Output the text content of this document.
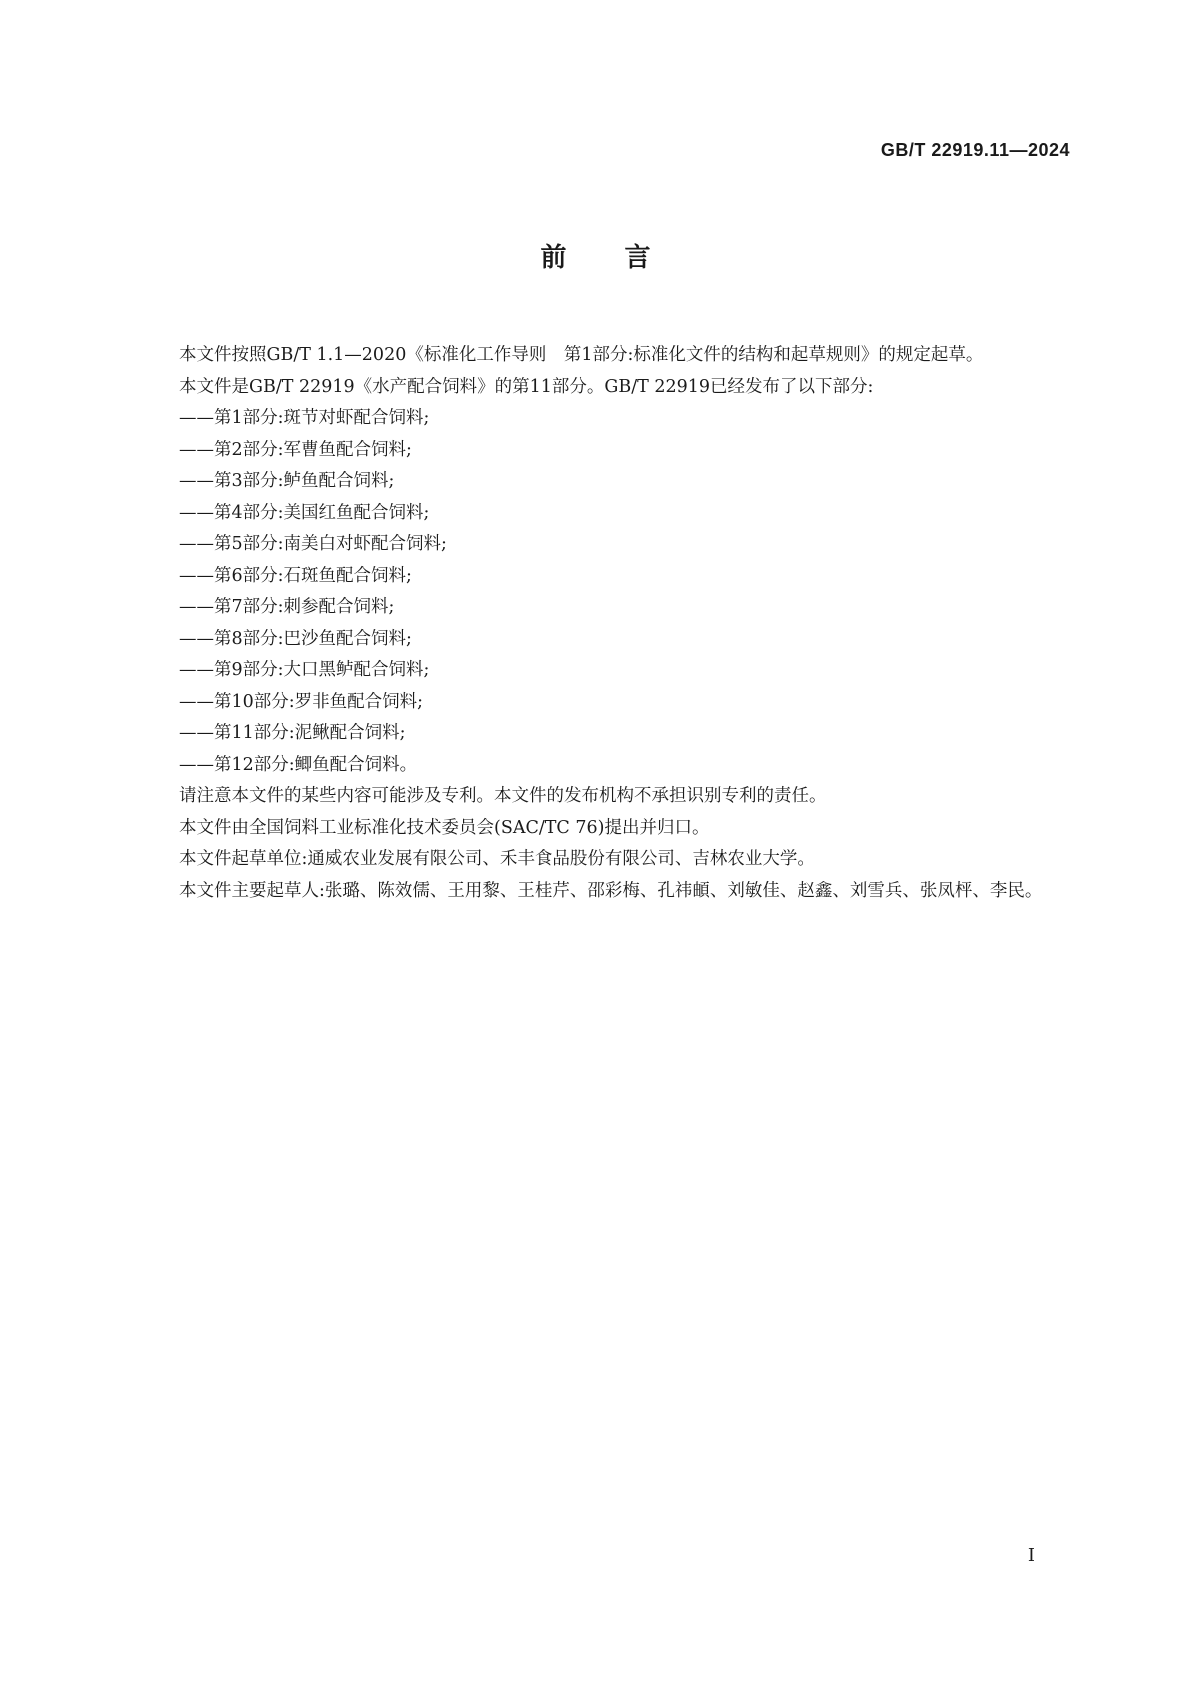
GB/T 22919.11—2024
前言

本文件按照GB/T 1.1—2020《标准化工作导则　第1部分:标准化文件的结构和起草规则》的规定起草。

本文件是GB/T 22919《水产配合饲料》的第11部分。GB/T 22919已经发布了以下部分:

——第1部分:斑节对虾配合饲料;
——第2部分:军曹鱼配合饲料;
——第3部分:鲈鱼配合饲料;
——第4部分:美国红鱼配合饲料;
——第5部分:南美白对虾配合饲料;
——第6部分:石斑鱼配合饲料;
——第7部分:刺参配合饲料;
——第8部分:巴沙鱼配合饲料;
——第9部分:大口黑鲈配合饲料;
——第10部分:罗非鱼配合饲料;
——第11部分:泥鳅配合饲料;
——第12部分:鲫鱼配合饲料。

请注意本文件的某些内容可能涉及专利。本文件的发布机构不承担识别专利的责任。

本文件由全国饲料工业标准化技术委员会(SAC/TC 76)提出并归口。

本文件起草单位:通威农业发展有限公司、禾丰食品股份有限公司、吉林农业大学。

本文件主要起草人:张璐、陈效儒、王用黎、王桂芹、邵彩梅、孔祎頔、刘敏佳、赵鑫、刘雪兵、张凤枰、李民。

I
